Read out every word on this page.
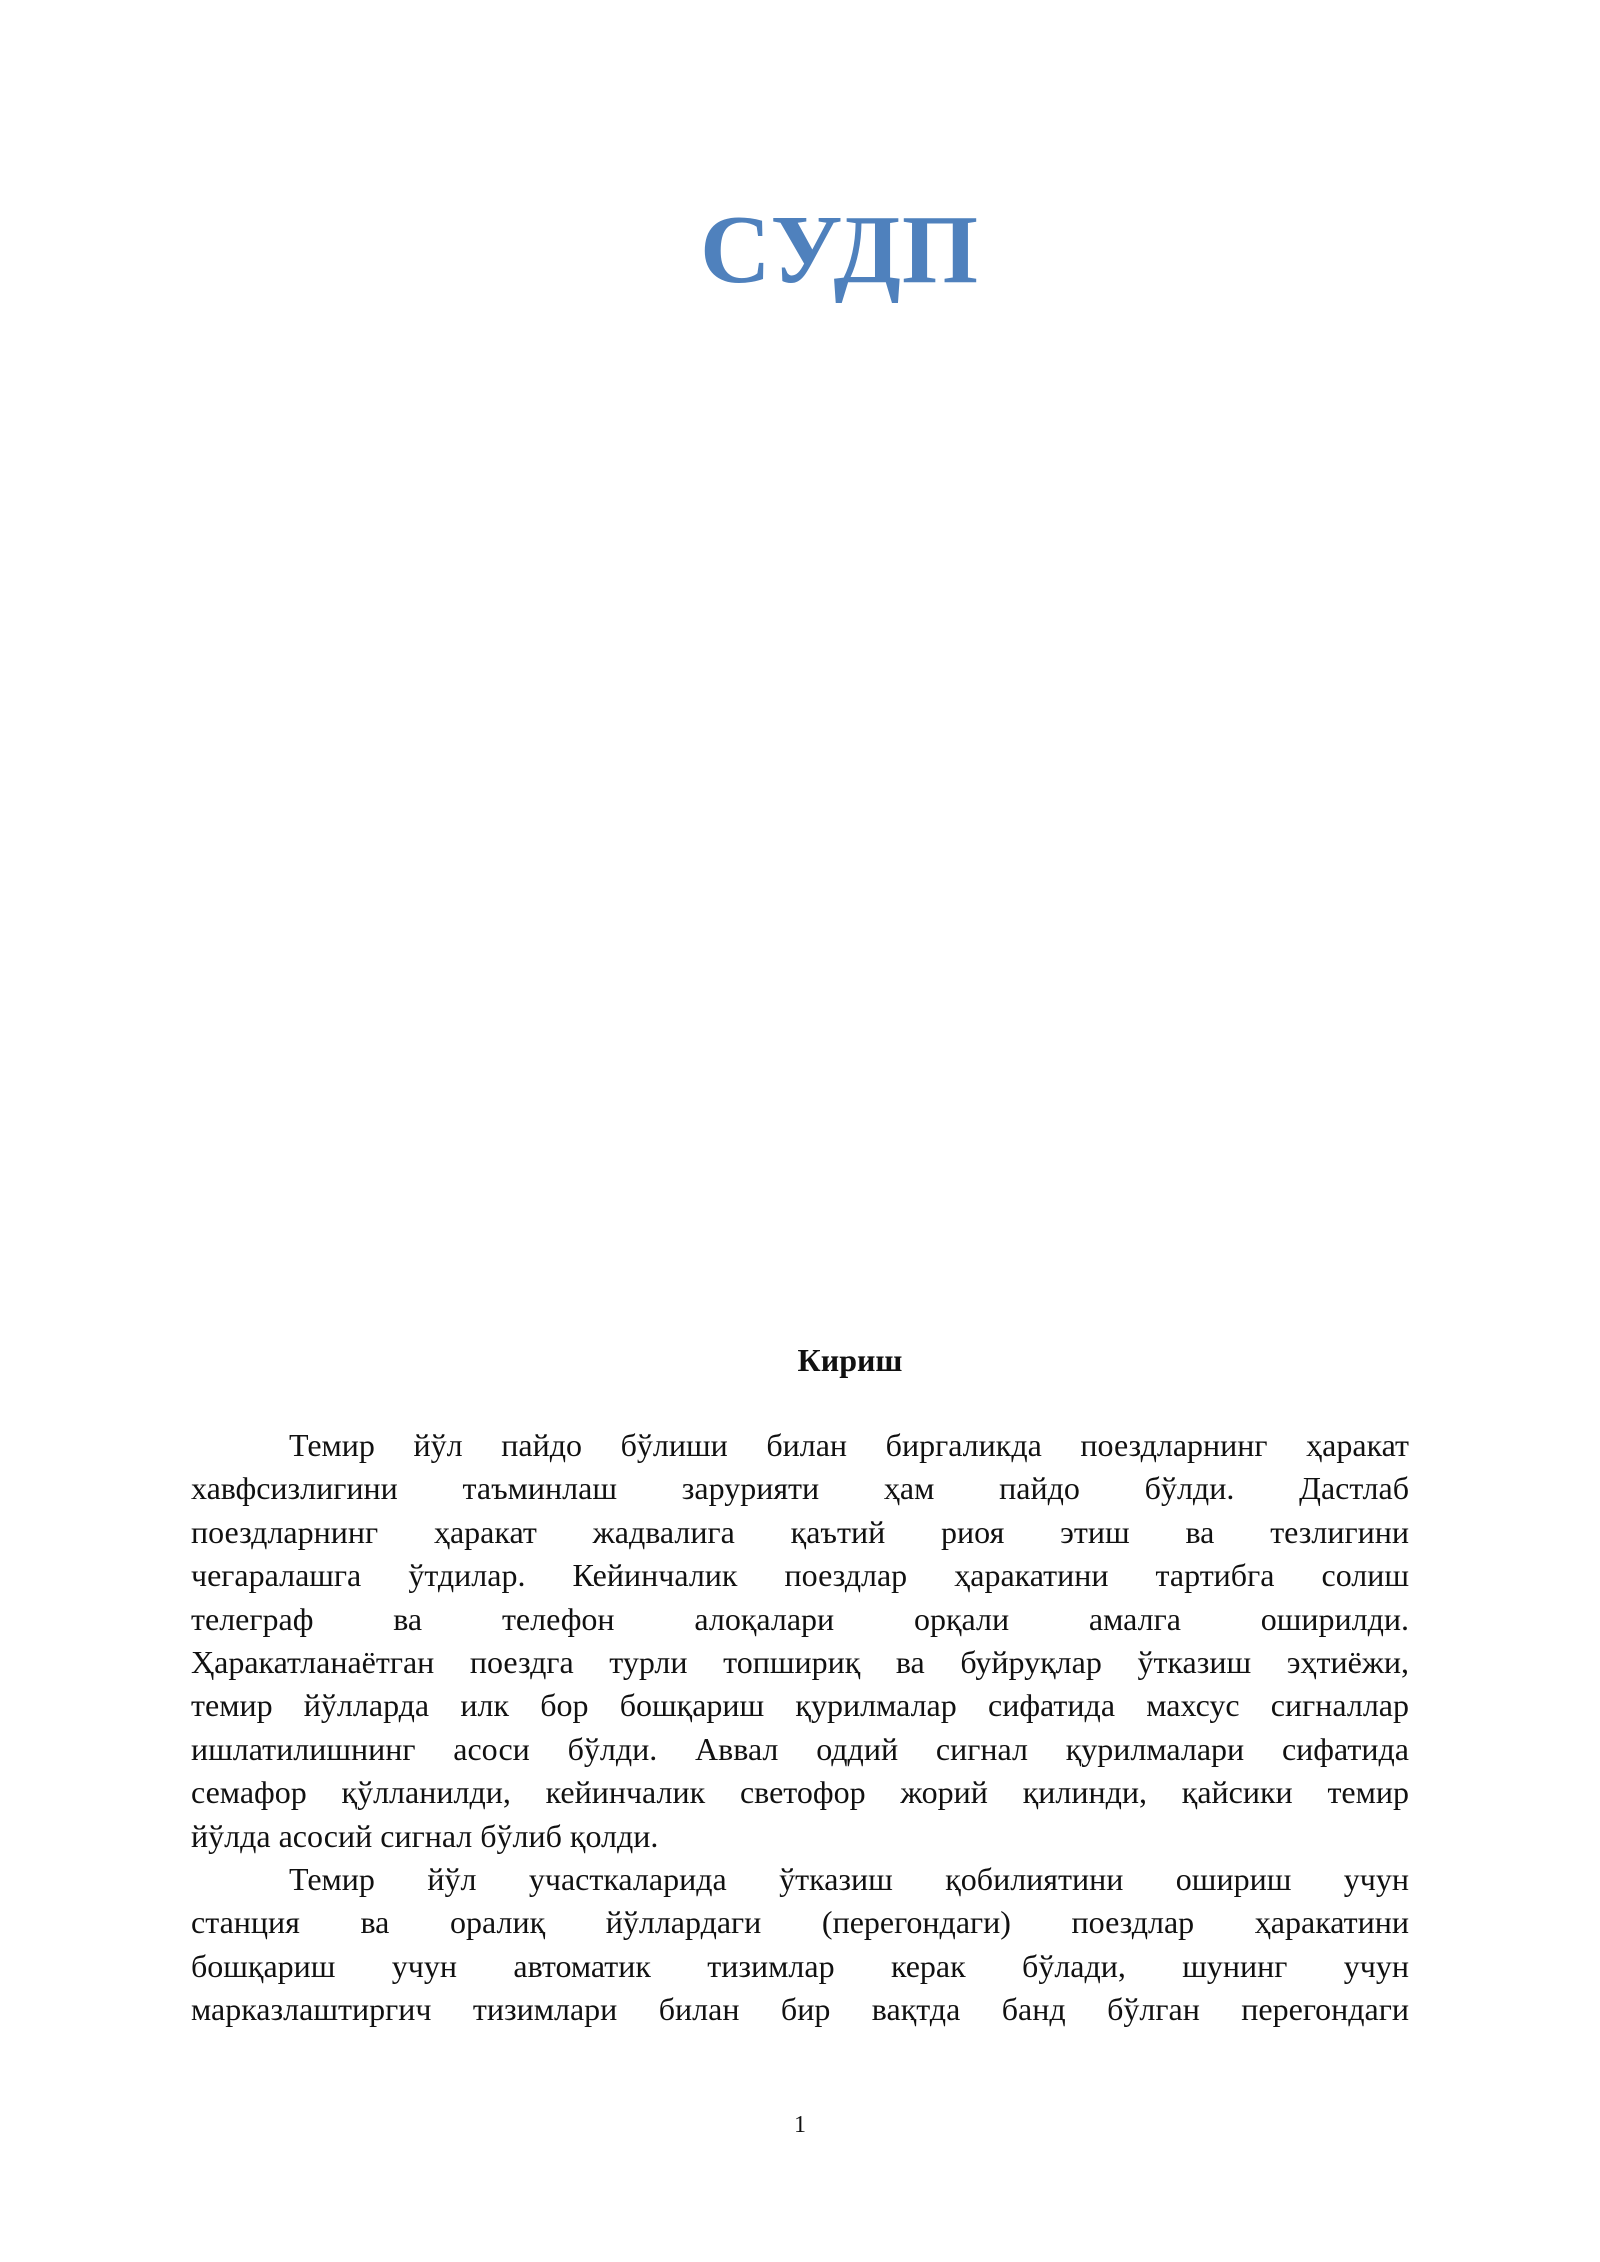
СУДП
Кириш
Темир йўл пайдо бўлиши билан биргаликда поездларнинг ҳаракат
хавфсизлигини таъминлаш зарурияти ҳам пайдо бўлди. Дастлаб
поездларнинг ҳаракат жадвалига қаътий риоя этиш ва тезлигини
чегаралашга ўтдилар. Кейинчалик поездлар ҳаракатини тартибга солиш
телеграф ва телефон алоқалари орқали амалга оширилди.
Ҳаракатланаётган поездга турли топшириқ ва буйруқлар ўтказиш эҳтиёжи,
темир йўлларда илк бор бошқариш қурилмалар сифатида махсус сигналлар
ишлатилишнинг асоси бўлди. Аввал оддий сигнал қурилмалари сифатида
семафор қўлланилди, кейинчалик светофор жорий қилинди, қайсики темир
йўлда асосий сигнал бўлиб қолди.
Темир йўл участкаларида ўтказиш қобилиятини ошириш учун
станция ва оралиқ йўллардаги (перегондаги) поездлар ҳаракатини
бошқариш учун автоматик тизимлар керак бўлади, шунинг учун
марказлаштиргич тизимлари билан бир вақтда банд бўлган перегондаги
1
